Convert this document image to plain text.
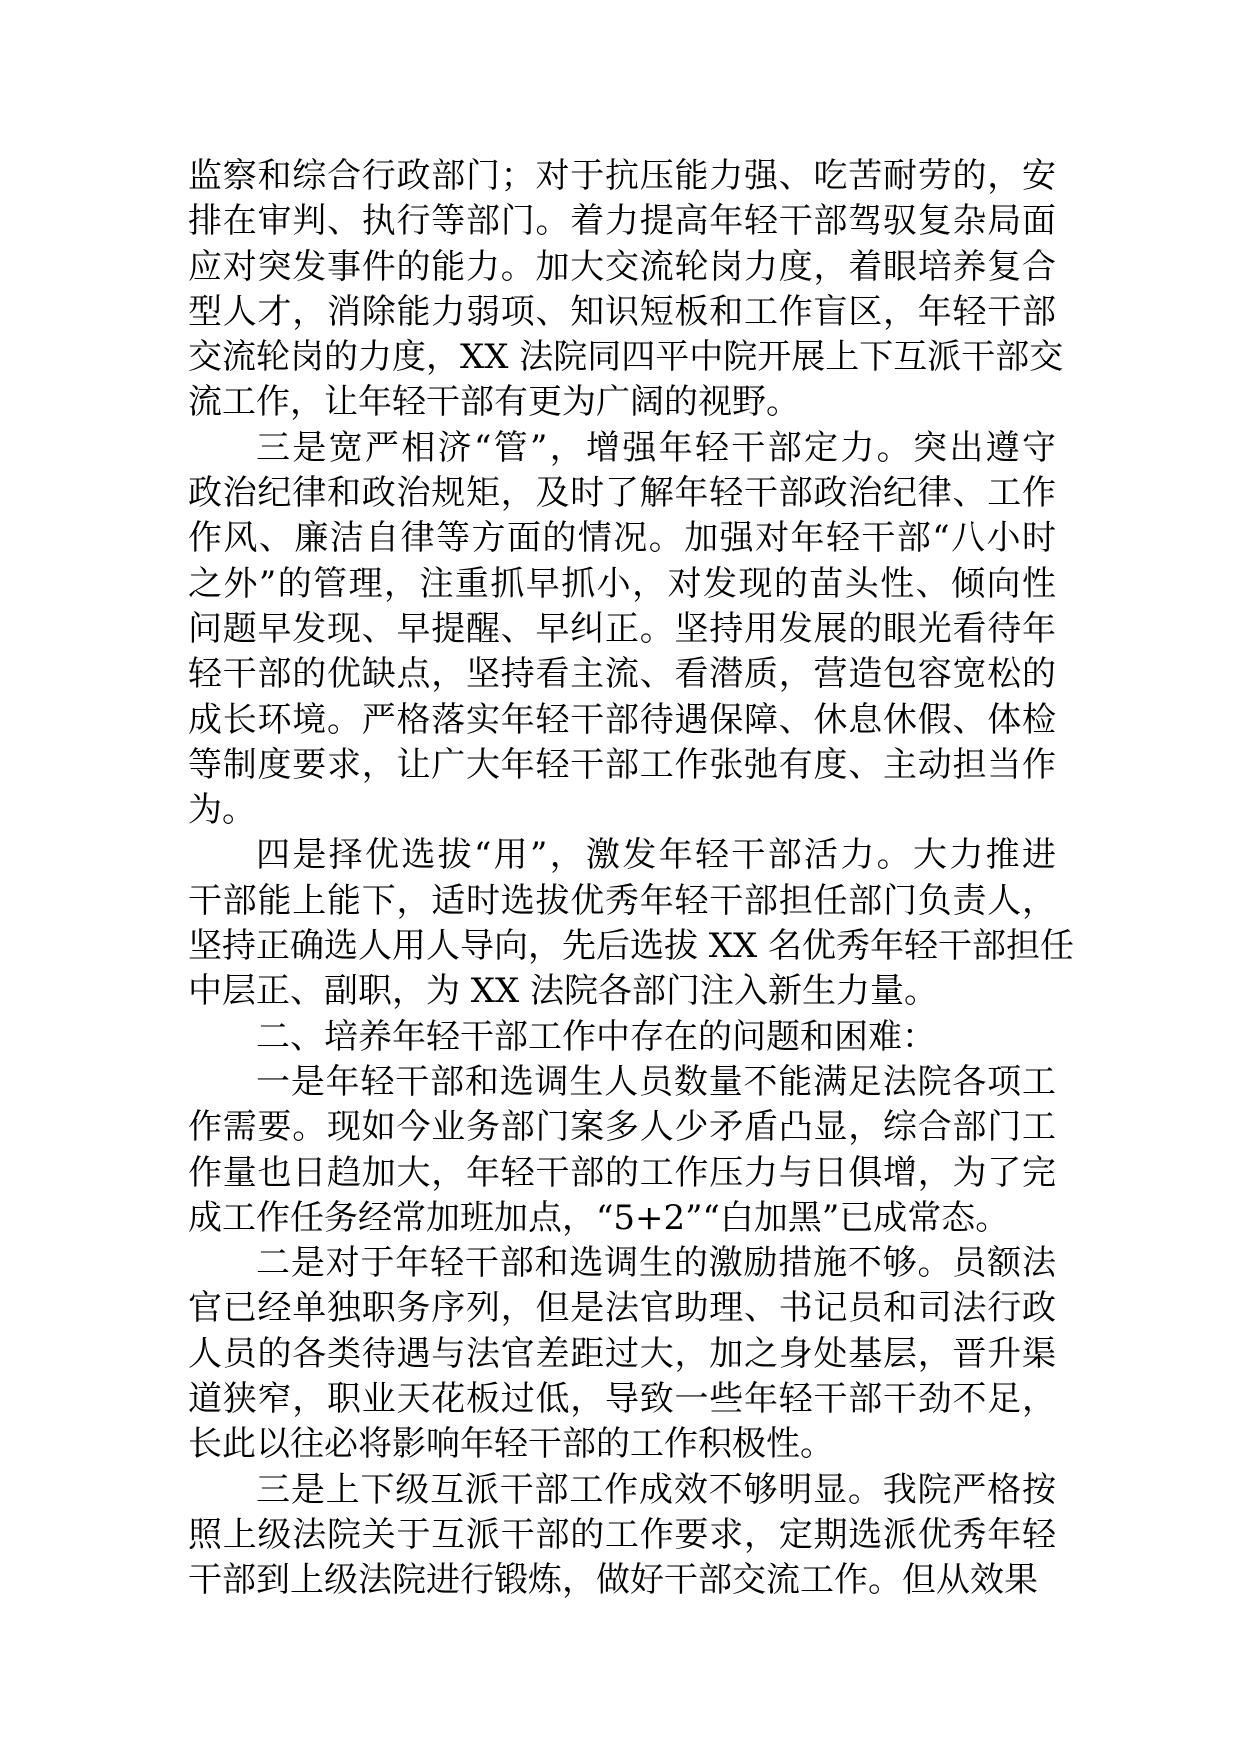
监察和综合行政部门；对于抗压能力强、吃苦耐劳的，安
排在审判、执行等部门。着力提高年轻干部驾驭复杂局面
应对突发事件的能力。加大交流轮岗力度，着眼培养复合
型人才，消除能力弱项、知识短板和工作盲区，年轻干部
交流轮岗的力度，XX 法院同四平中院开展上下互派干部交
流工作，让年轻干部有更为广阔的视野。
三是宽严相济“管”，增强年轻干部定力。突出遵守
政治纪律和政治规矩，及时了解年轻干部政治纪律、工作
作风、廉洁自律等方面的情况。加强对年轻干部“八小时
之外”的管理，注重抓早抓小，对发现的苗头性、倾向性
问题早发现、早提醒、早纠正。坚持用发展的眼光看待年
轻干部的优缺点，坚持看主流、看潜质，营造包容宽松的
成长环境。严格落实年轻干部待遇保障、休息休假、体检
等制度要求，让广大年轻干部工作张弛有度、主动担当作
为。
四是择优选拔“用”，激发年轻干部活力。大力推进
干部能上能下，适时选拔优秀年轻干部担任部门负责人，
坚持正确选人用人导向，先后选拔 XX 名优秀年轻干部担任
中层正、副职，为 XX 法院各部门注入新生力量。
二、培养年轻干部工作中存在的问题和困难：
一是年轻干部和选调生人员数量不能满足法院各项工
作需要。现如今业务部门案多人少矛盾凸显，综合部门工
作量也日趋加大，年轻干部的工作压力与日俱增，为了完
成工作任务经常加班加点，“5+2”“白加黑”已成常态。
二是对于年轻干部和选调生的激励措施不够。员额法
官已经单独职务序列，但是法官助理、书记员和司法行政
人员的各类待遇与法官差距过大，加之身处基层，晋升渠
道狭窄，职业天花板过低，导致一些年轻干部干劲不足，
长此以往必将影响年轻干部的工作积极性。
三是上下级互派干部工作成效不够明显。我院严格按
照上级法院关于互派干部的工作要求，定期选派优秀年轻
干部到上级法院进行锻炼，做好干部交流工作。但从效果
